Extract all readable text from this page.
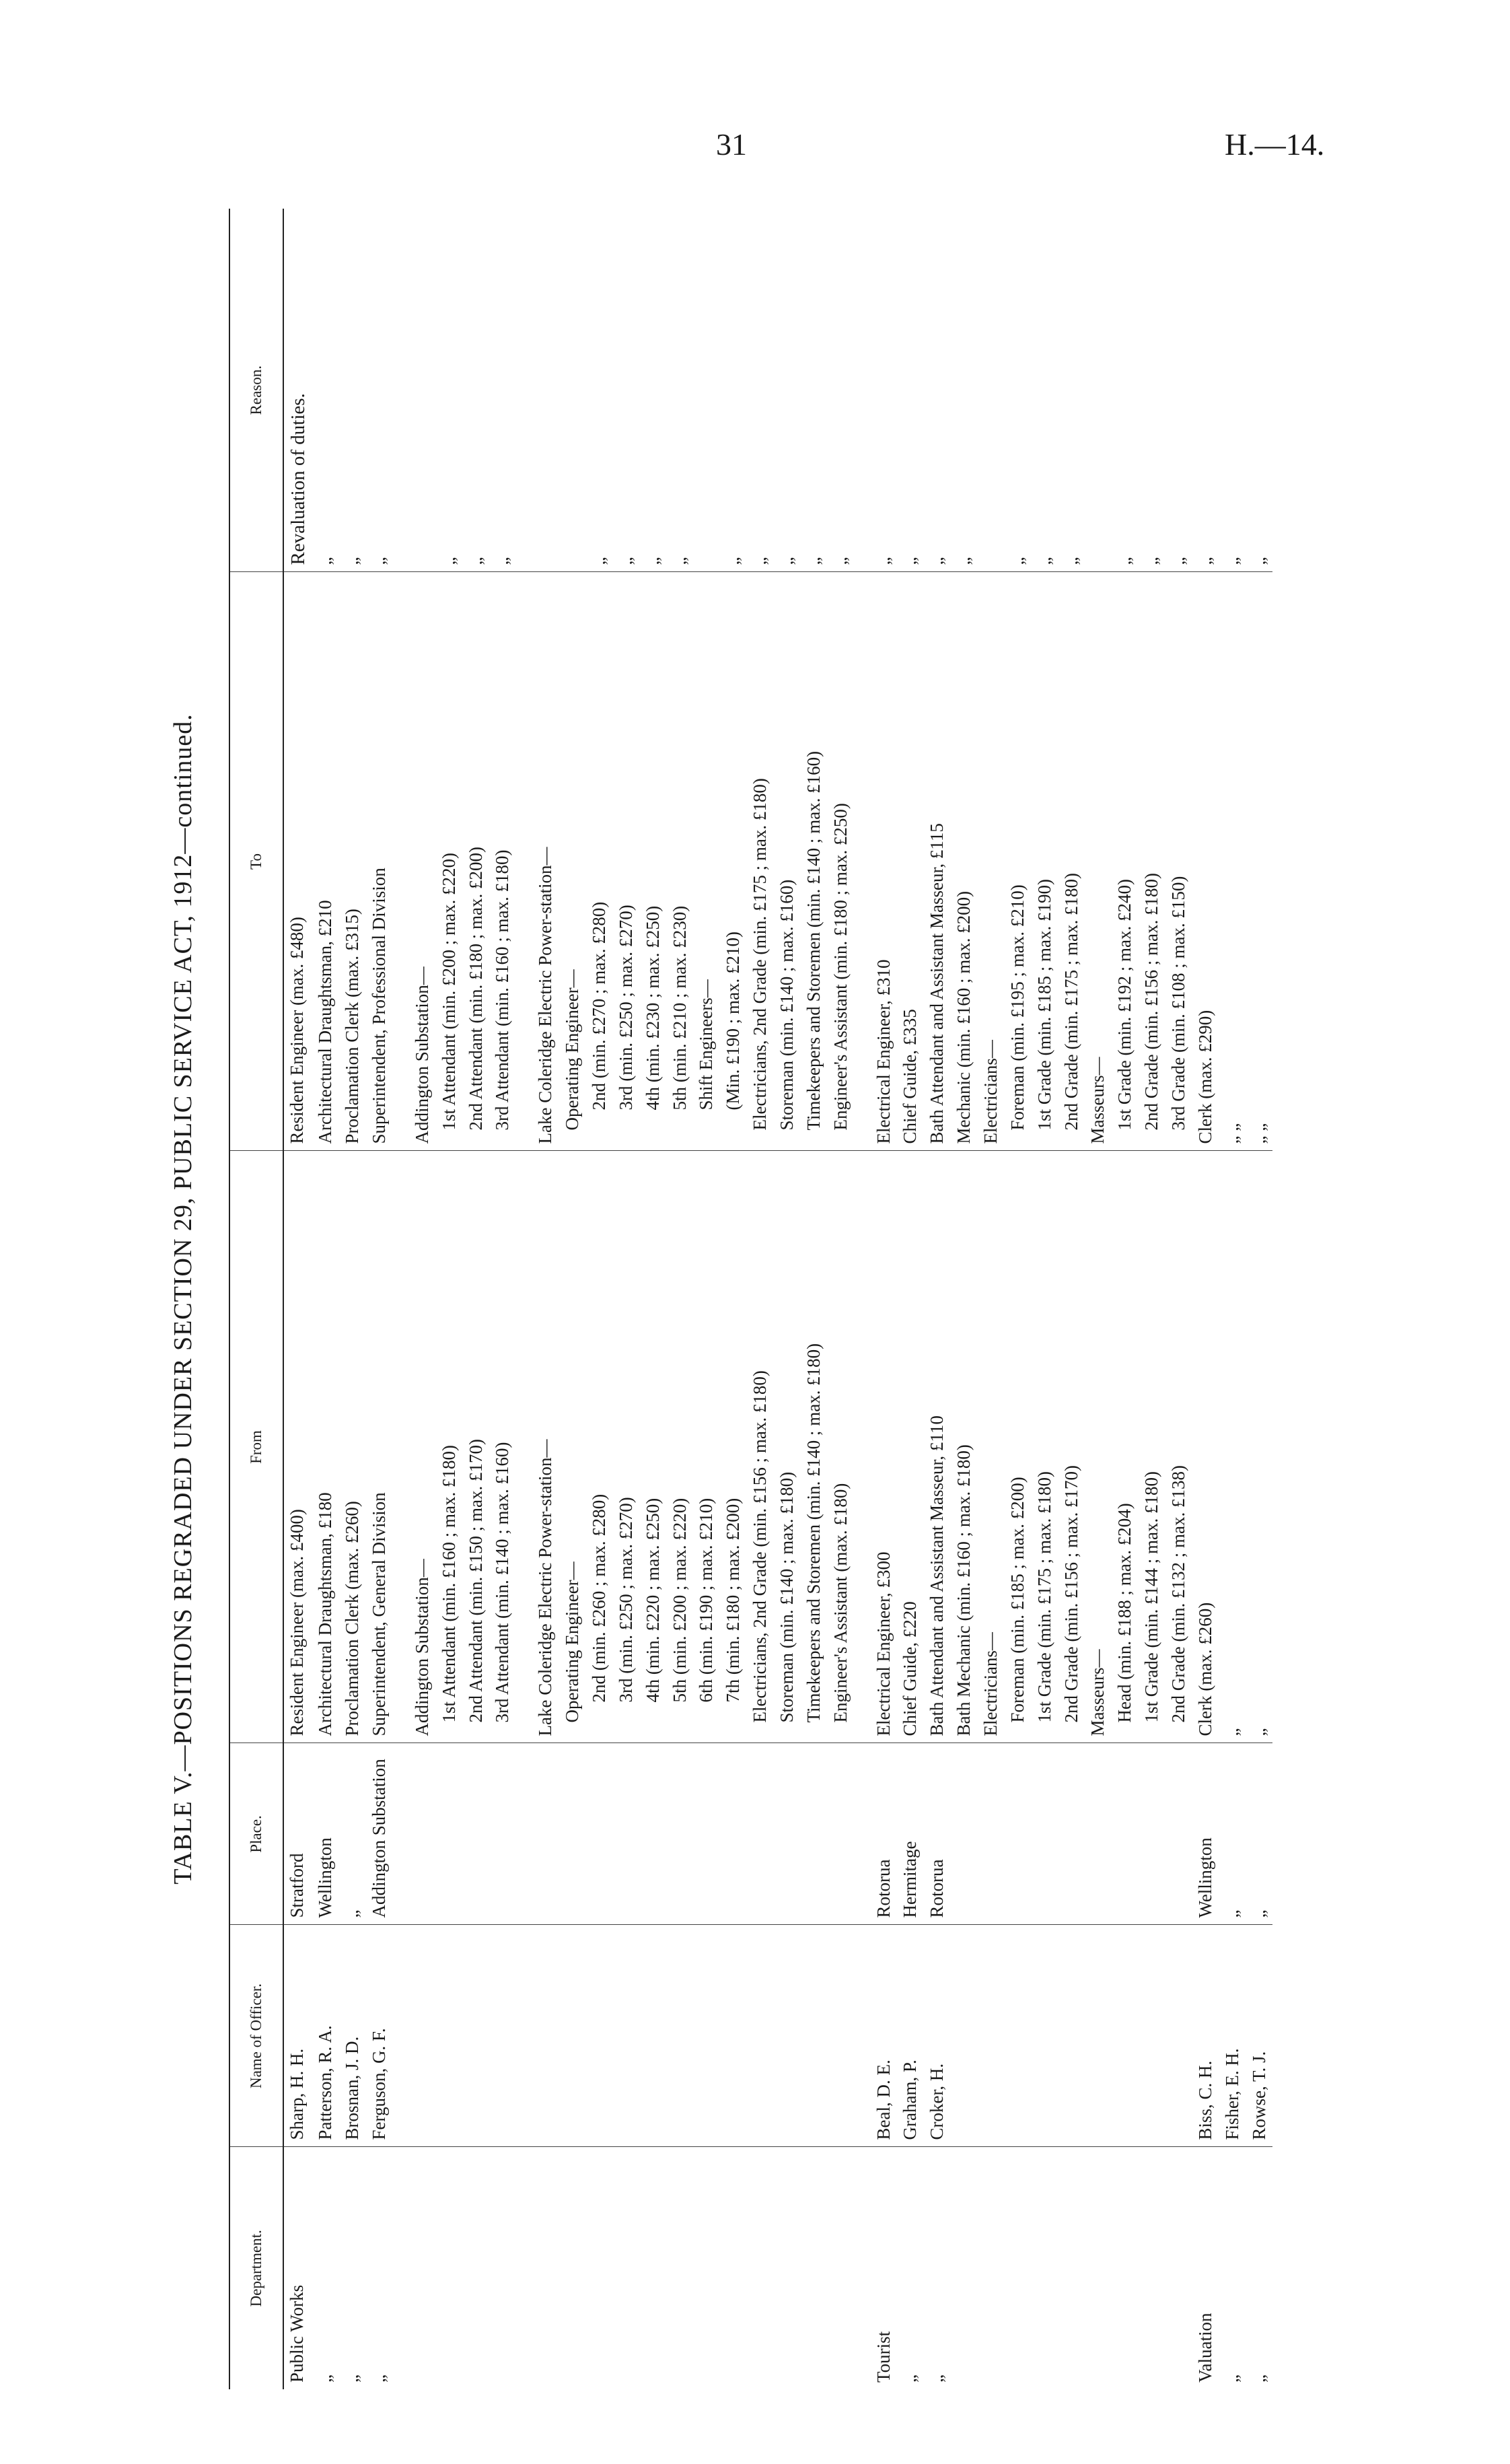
31	H.—14.
TABLE V.—POSITIONS REGRADED UNDER SECTION 29, PUBLIC SERVICE ACT, 1912—continued.
Department.	Name of Officer.	Place.	From	To	Reason.
Public Works	Sharp, H. H.	Stratford	Resident Engineer (max. £400)	Resident Engineer (max. £480)	Revaluation of duties.
„	Patterson, R. A.	Wellington	Architectural Draughtsman, £180	Architectural Draughtsman, £210	„
„	Brosnan, J. D.	„	Proclamation Clerk (max. £260)	Proclamation Clerk (max. £315)	„
„	Ferguson, G. F.	Addington Substation	Superintendent, General Division	Superintendent, Professional Division	„
			Addington Substation—	Addington Substation—	
			1st Attendant (min. £160 ; max. £180)	1st Attendant (min. £200 ; max. £220)	„
			2nd Attendant (min. £150 ; max. £170)	2nd Attendant (min. £180 ; max. £200)	„
			3rd Attendant (min. £140 ; max. £160)	3rd Attendant (min. £160 ; max. £180)	„
			Lake Coleridge Electric Power-station—	Lake Coleridge Electric Power-station—	
			Operating Engineer—	Operating Engineer—	
			2nd (min. £260 ; max. £280)	2nd (min. £270 ; max. £280)	„
			3rd (min. £250 ; max. £270)	3rd (min. £250 ; max. £270)	„
			4th (min. £220 ; max. £250)	4th (min. £230 ; max. £250)	„
			5th (min. £200 ; max. £220)	5th (min. £210 ; max. £230)	„
			6th (min. £190 ; max. £210)	Shift Engineers—	
			7th (min. £180 ; max. £200)	(Min. £190 ; max. £210)	„
			Electricians, 2nd Grade (min. £156 ; max. £180)	Electricians, 2nd Grade (min. £175 ; max. £180)	„
			Storeman (min. £140 ; max. £180)	Storeman (min. £140 ; max. £160)	„
			Timekeepers and Storemen (min. £140 ; max. £180)	Timekeepers and Storemen (min. £140 ; max. £160)	„
			Engineer's Assistant (max. £180)	Engineer's Assistant (min. £180 ; max. £250)	„
Tourist	Beal, D. E.	Rotorua	Electrical Engineer, £300	Electrical Engineer, £310	„
„	Graham, P.	Hermitage	Chief Guide, £220	Chief Guide, £335	„
„	Croker, H.	Rotorua	Bath Attendant and Assistant Masseur, £110	Bath Attendant and Assistant Masseur, £115	„
			Bath Mechanic (min. £160 ; max. £180)	Mechanic (min. £160 ; max. £200)	„
			Electricians—	Electricians—	
			Foreman (min. £185 ; max. £200)	Foreman (min. £195 ; max. £210)	„
			1st Grade (min. £175 ; max. £180)	1st Grade (min. £185 ; max. £190)	„
			2nd Grade (min. £156 ; max. £170)	2nd Grade (min. £175 ; max. £180)	„
			Masseurs—	Masseurs—	
			Head (min. £188 ; max. £204)	1st Grade (min. £192 ; max. £240)	„
			1st Grade (min. £144 ; max. £180)	2nd Grade (min. £156 ; max. £180)	„
			2nd Grade (min. £132 ; max. £138)	3rd Grade (min. £108 ; max. £150)	„
Valuation	Biss, C. H.	Wellington	Clerk (max. £260)	Clerk (max. £290)	„
„	Fisher, E. H.	„	„	„ „	„
„	Rowse, T. J.	„	„	„ „	„
